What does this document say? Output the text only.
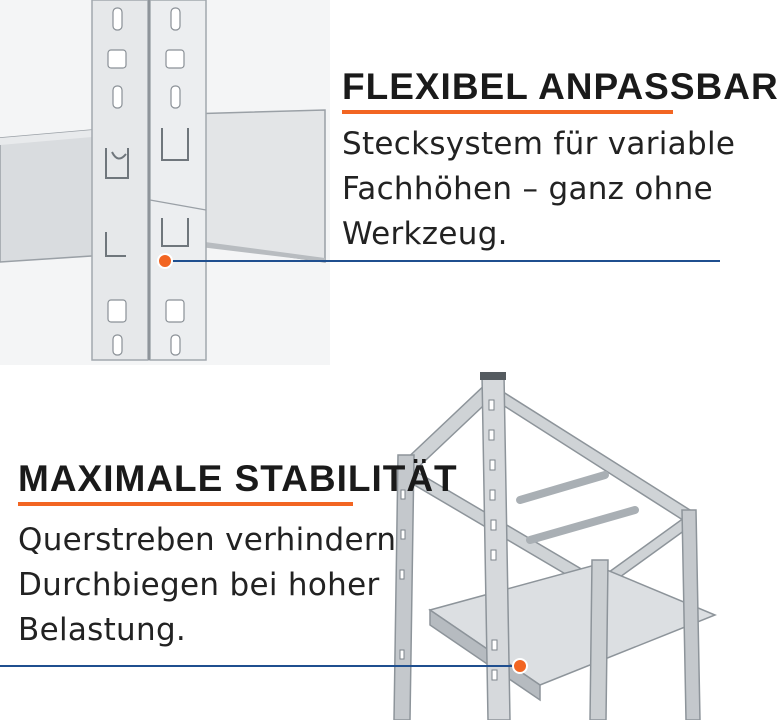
FLEXIBEL ANPASSBAR
Stecksystem für variable
Fachhöhen – ganz ohne
Werkzeug.
MAXIMALE STABILITÄT
Querstreben verhindern
Durchbiegen bei hoher
Belastung.
